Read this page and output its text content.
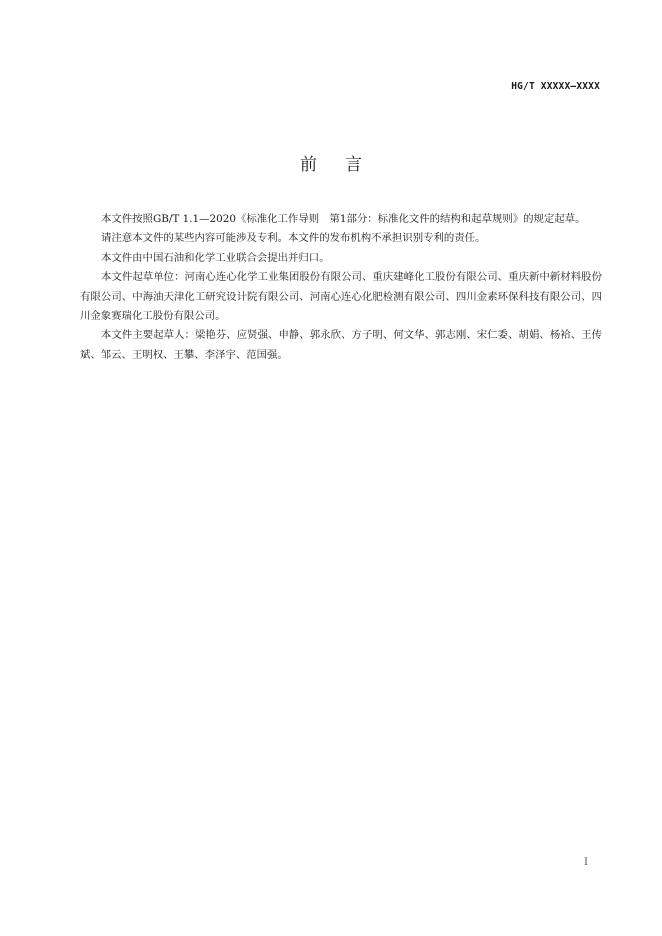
HG/T XXXXX—XXXX
前言

本文件按照GB/T 1.1—2020《标准化工作导则　第1部分：标准化文件的结构和起草规则》的规定起草。

请注意本文件的某些内容可能涉及专利。本文件的发布机构不承担识别专利的责任。

本文件由中国石油和化学工业联合会提出并归口。

本文件起草单位：河南心连心化学工业集团股份有限公司、重庆建峰化工股份有限公司、重庆新中新材料股份有限公司、中海油天津化工研究设计院有限公司、河南心连心化肥检测有限公司、四川金素环保科技有限公司、四川金象赛瑞化工股份有限公司。

本文件主要起草人：梁艳芬、应贤强、申静、郭永欣、方子明、何文华、郭志刚、宋仁委、胡娟、杨袷、王传斌、邹云、王明权、王攀、李泽宇、范国强。

I
